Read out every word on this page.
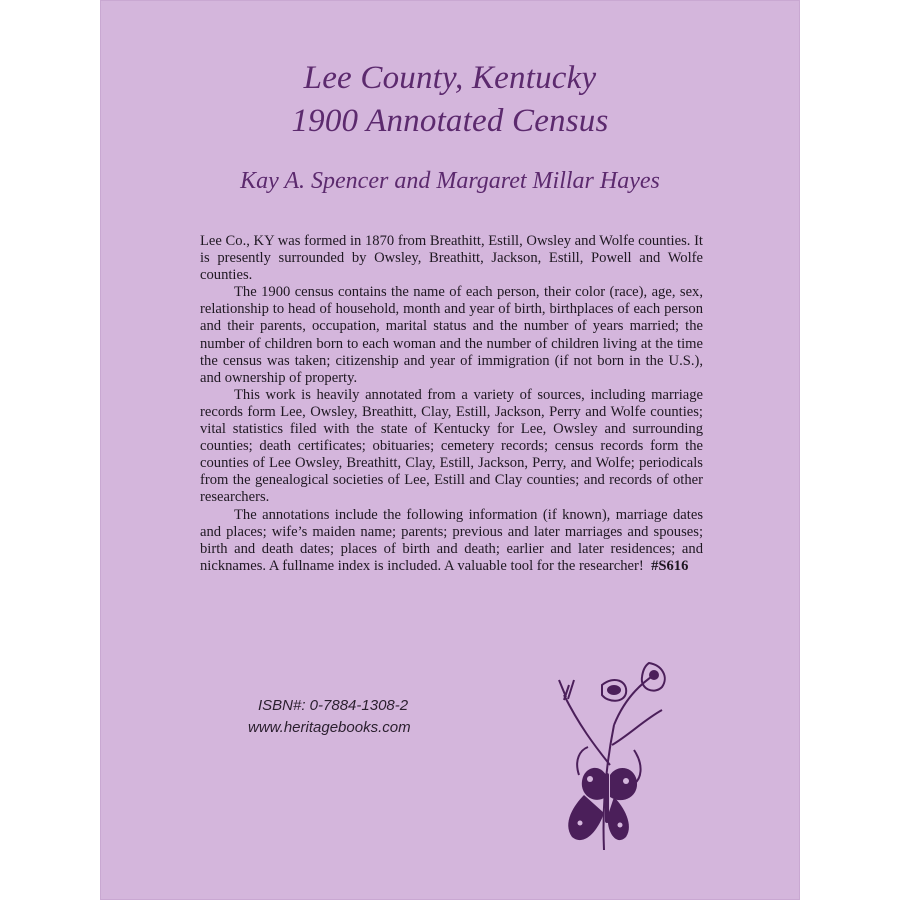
Lee County, Kentucky
1900 Annotated Census
Kay A. Spencer and Margaret Millar Hayes

Lee Co., KY was formed in 1870 from Breathitt, Estill, Owsley and Wolfe counties. It is presently surrounded by Owsley, Breathitt, Jackson, Estill, Powell and Wolfe counties.

The 1900 census contains the name of each person, their color (race), age, sex, relationship to head of household, month and year of birth, birthplaces of each person and their parents, occupation, marital status and the number of years married; the number of children born to each woman and the number of children living at the time the census was taken; citizenship and year of immigration (if not born in the U.S.), and ownership of property.

This work is heavily annotated from a variety of sources, including marriage records form Lee, Owsley, Breathitt, Clay, Estill, Jackson, Perry and Wolfe counties; vital statistics filed with the state of Kentucky for Lee, Owsley and surrounding counties; death certificates; obituaries; cemetery records; census records form the counties of Lee Owsley, Breathitt, Clay, Estill, Jackson, Perry, and Wolfe; periodicals from the genealogical societies of Lee, Estill and Clay counties; and records of other researchers.

The annotations include the following information (if known), marriage dates and places; wife’s maiden name; parents; previous and later marriages and spouses; birth and death dates; places of birth and death; earlier and later residences; and nicknames. A fullname index is included. A valuable tool for the researcher! #S616

ISBN#: 0-7884-1308-2
www.heritagebooks.com
